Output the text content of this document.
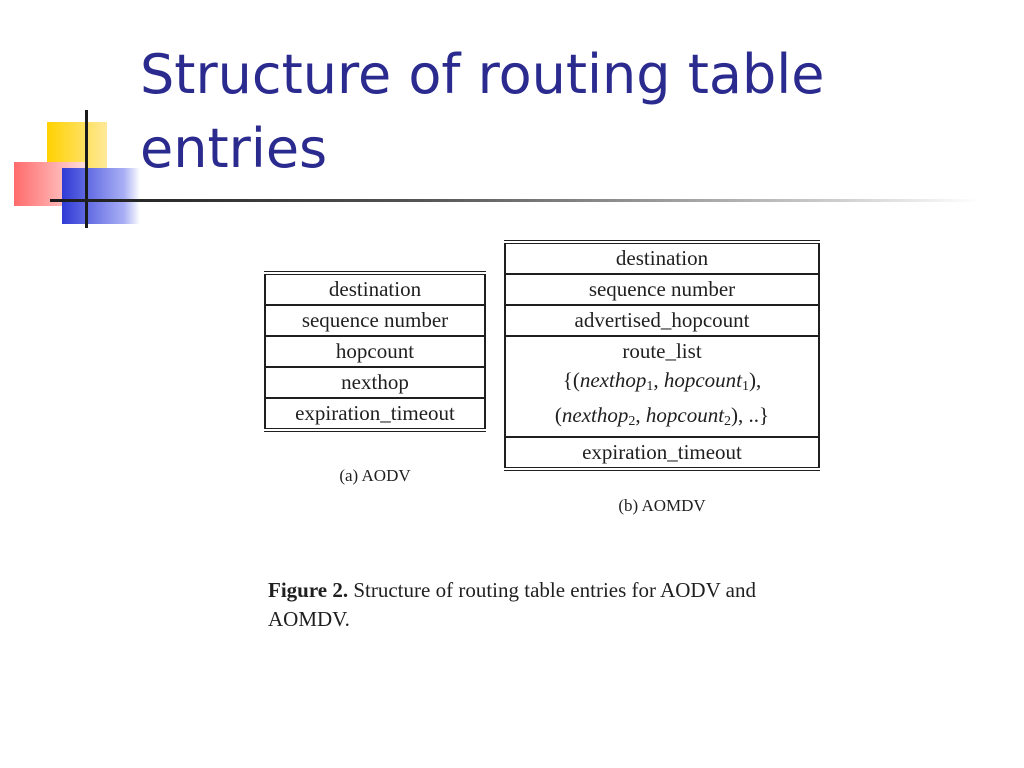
Structure of routing table entries
destination
sequence number
hopcount
nexthop
expiration_timeout
(a) AODV
destination
sequence number
advertised_hopcount

route_list
{(nexthop$_1$, hopcount$_1$),
(nexthop$_2$, hopcount$_2$), ..}

expiration_timeout
(b) AOMDV
Figure 2. Structure of routing table entries for AODV and AOMDV.
